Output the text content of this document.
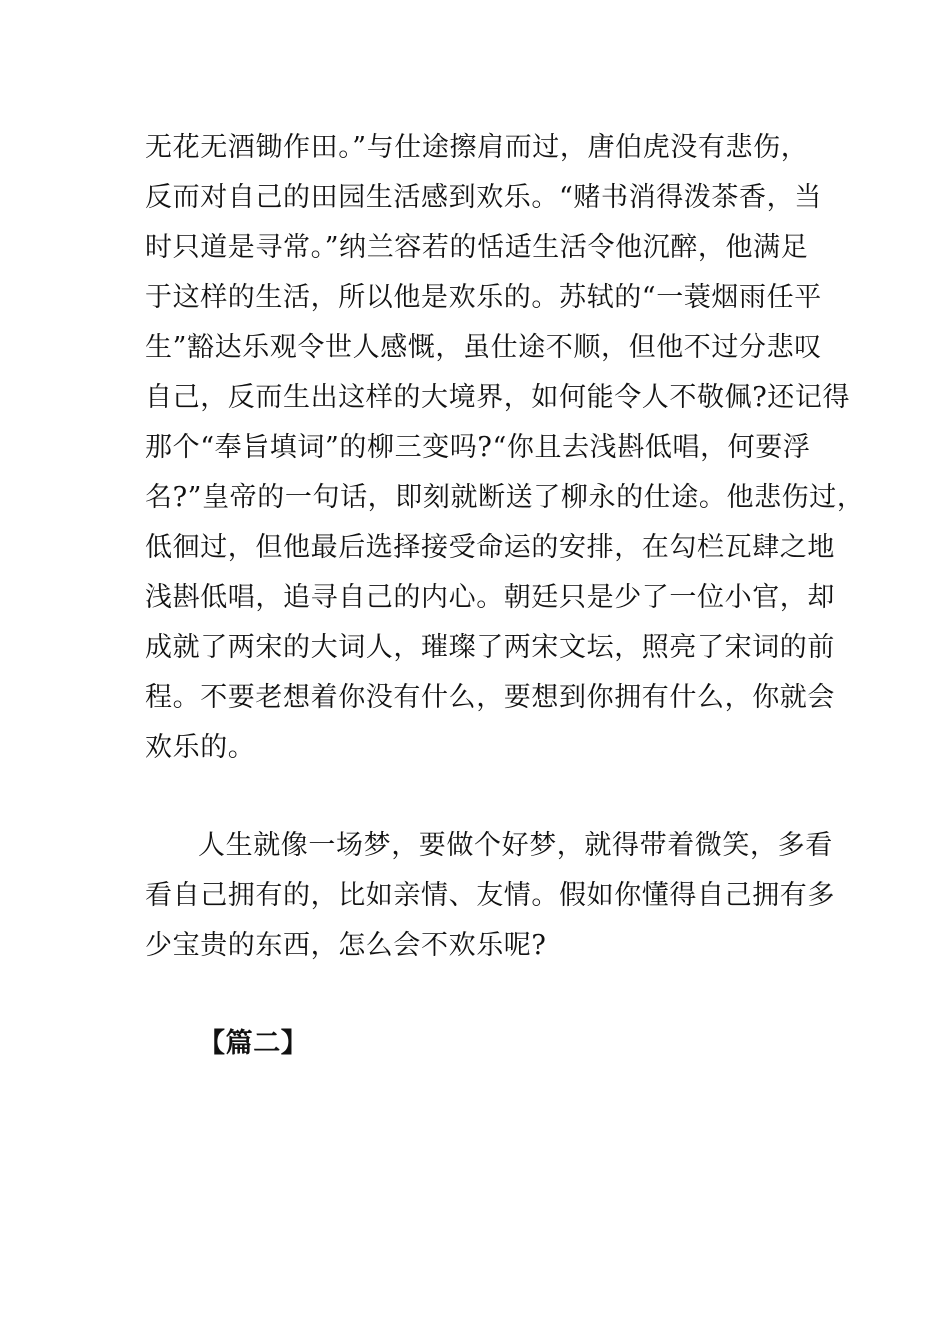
无花无酒锄作田。”与仕途擦肩而过，唐伯虎没有悲伤，
反而对自己的田园生活感到欢乐。“赌书消得泼茶香，当
时只道是寻常。”纳兰容若的恬适生活令他沉醉，他满足
于这样的生活，所以他是欢乐的。苏轼的“一蓑烟雨任平
生”豁达乐观令世人感慨，虽仕途不顺，但他不过分悲叹
自己，反而生出这样的大境界，如何能令人不敬佩?还记得
那个“奉旨填词”的柳三变吗?“你且去浅斟低唱，何要浮
名?”皇帝的一句话，即刻就断送了柳永的仕途。他悲伤过，
低徊过，但他最后选择接受命运的安排，在勾栏瓦肆之地
浅斟低唱，追寻自己的内心。朝廷只是少了一位小官，却
成就了两宋的大词人，璀璨了两宋文坛，照亮了宋词的前
程。不要老想着你没有什么，要想到你拥有什么，你就会
欢乐的。
人生就像一场梦，要做个好梦，就得带着微笑，多看
看自己拥有的，比如亲情、友情。假如你懂得自己拥有多
少宝贵的东西，怎么会不欢乐呢?
【篇二】
